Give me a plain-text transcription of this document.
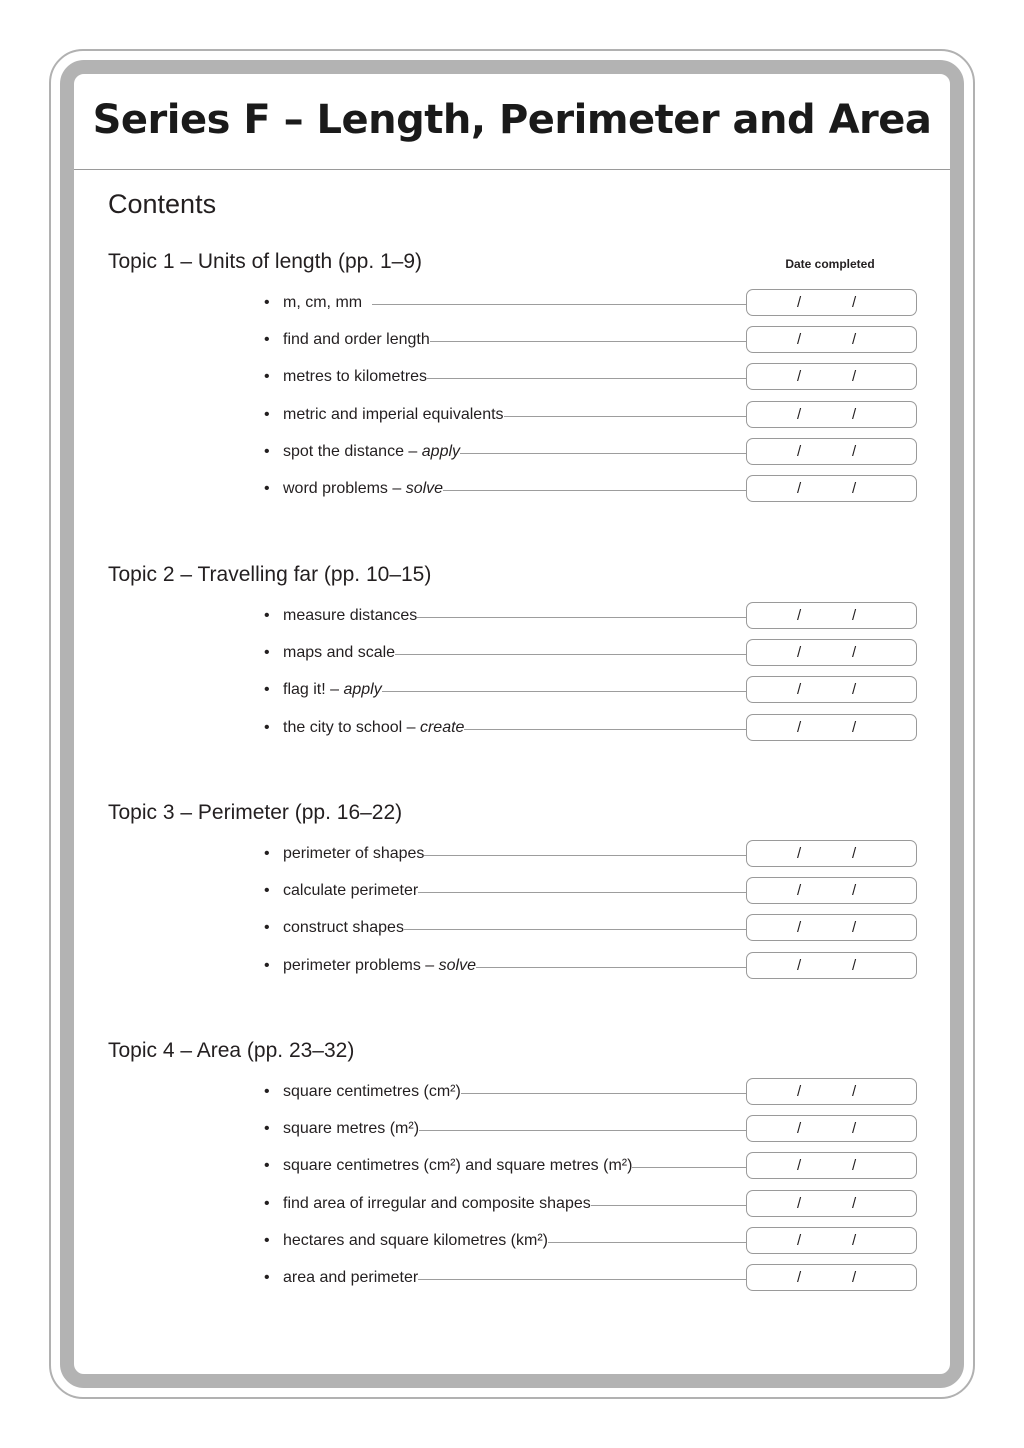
Series F – Length, Perimeter and Area
Contents
Date completed
Topic 1 – Units of length (pp. 1–9)
• m, cm, mm	/	/
• find and order length	/	/
• metres to kilometres	/	/
• metric and imperial equivalents	/	/
• spot the distance – apply	/	/
• word problems – solve	/	/
Topic 2 – Travelling far (pp. 10–15)
• measure distances	/	/
• maps and scale	/	/
• flag it! – apply	/	/
• the city to school – create	/	/
Topic 3 – Perimeter (pp. 16–22)
• perimeter of shapes	/	/
• calculate perimeter	/	/
• construct shapes	/	/
• perimeter problems – solve	/	/
Topic 4 – Area (pp. 23–32)
• square centimetres (cm²)	/	/
• square metres (m²)	/	/
• square centimetres (cm²) and square metres (m²)	/	/
• find area of irregular and composite shapes	/	/
• hectares and square kilometres (km²)	/	/
• area and perimeter	/	/
